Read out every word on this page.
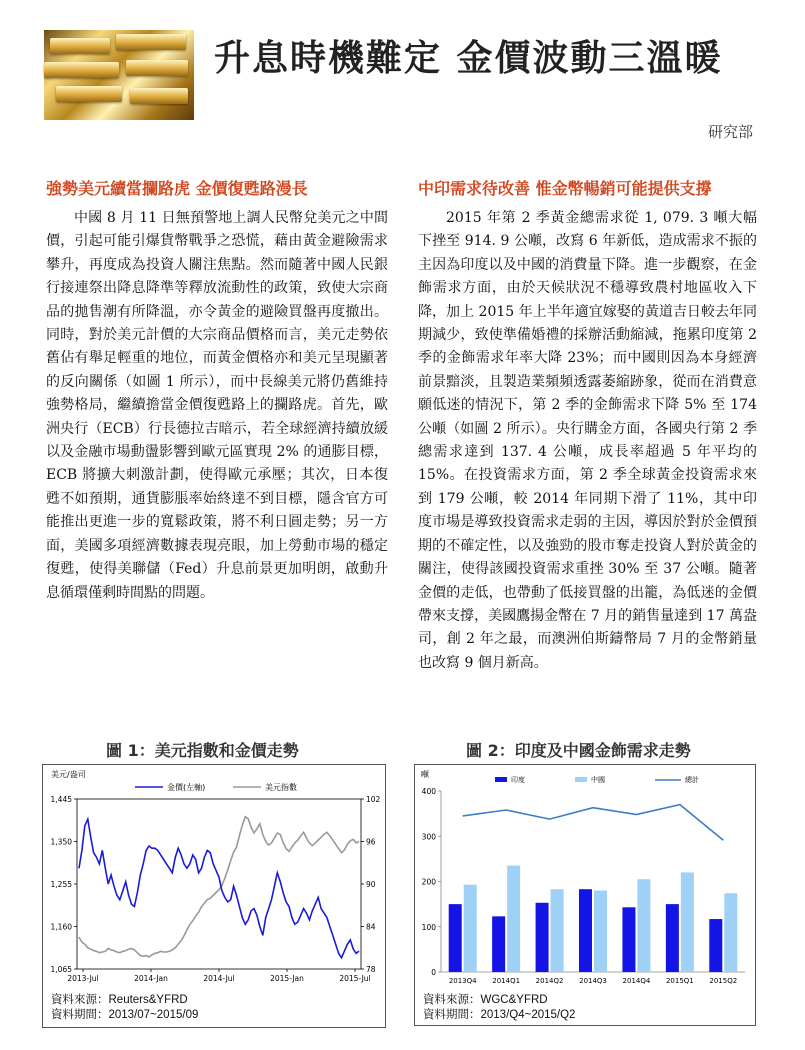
升息時機難定 金價波動三溫暖
研究部
強勢美元續當攔路虎 金價復甦路漫長

中國 8 月 11 日無預警地上調人民幣兌美元之中間價，引起可能引爆貨幣戰爭之恐慌，藉由黃金避險需求攀升，再度成為投資人關注焦點。然而隨著中國人民銀行接連祭出降息降準等釋放流動性的政策，致使大宗商品的拋售潮有所降溫，亦令黃金的避險買盤再度撤出。同時，對於美元計價的大宗商品價格而言，美元走勢依舊佔有舉足輕重的地位，而黃金價格亦和美元呈現顯著的反向關係（如圖 1 所示），而中長線美元將仍舊維持強勢格局，繼續擔當金價復甦路上的攔路虎。首先，歐洲央行（ECB）行長德拉吉暗示，若全球經濟持續放緩以及金融市場動盪影響到歐元區實現 2% 的通膨目標，ECB 將擴大刺激計劃，使得歐元承壓；其次，日本復甦不如預期，通貨膨脹率始終達不到目標，隱含官方可能推出更進一步的寬鬆政策，將不利日圓走勢；另一方面，美國多項經濟數據表現亮眼，加上勞動市場的穩定復甦，使得美聯儲（Fed）升息前景更加明朗，啟動升息循環僅剩時間點的問題。

中印需求待改善 惟金幣暢銷可能提供支撐

2015 年第 2 季黃金總需求從 1, 079. 3 噸大幅下挫至 914. 9 公噸，改寫 6 年新低，造成需求不振的主因為印度以及中國的消費量下降。進一步觀察，在金飾需求方面，由於天候狀況不穩導致農村地區收入下降，加上 2015 年上半年適宜嫁娶的黃道吉日較去年同期減少，致使準備婚禮的採辦活動縮減，拖累印度第 2 季的金飾需求年率大降 23%；而中國則因為本身經濟前景黯淡，且製造業頻頻透露萎縮跡象，從而在消費意願低迷的情況下，第 2 季的金飾需求下降 5% 至 174 公噸（如圖 2 所示）。央行購金方面，各國央行第 2 季總需求達到 137. 4 公噸，成長率超過 5 年平均的 15%。在投資需求方面，第 2 季全球黃金投資需求來到 179 公噸，較 2014 年同期下滑了 11%，其中印度市場是導致投資需求走弱的主因，導因於對於金價預期的不確定性，以及強勁的股市奪走投資人對於黃金的關注，使得該國投資需求重挫 30% 至 37 公噸。隨著金價的走低，也帶動了低接買盤的出籠，為低迷的金價帶來支撐，美國鷹揚金幣在 7 月的銷售量達到 17 萬盎司，創 2 年之最，而澳洲伯斯鑄幣局 7 月的金幣銷量也改寫 9 個月新高。

圖 1：美元指數和金價走勢
美元/盎司
金價(左軸)	美元指數
1,445
1,350
1,255
1,160
1,065
102
96
90
84
78
2013-Jul	2014-Jan	2014-Jul	2015-Jan	2015-Jul
資料來源：Reuters&YFRD
資料期間：2013/07~2015/09
圖 2：印度及中國金飾需求走勢
噸
印度	中國	總計
0
100
200
300
400
2013Q4 2014Q1 2014Q2 2014Q3 2014Q4 2015Q1 2015Q2
資料來源：WGC&YFRD
資料期間：2013/Q4~2015/Q2
